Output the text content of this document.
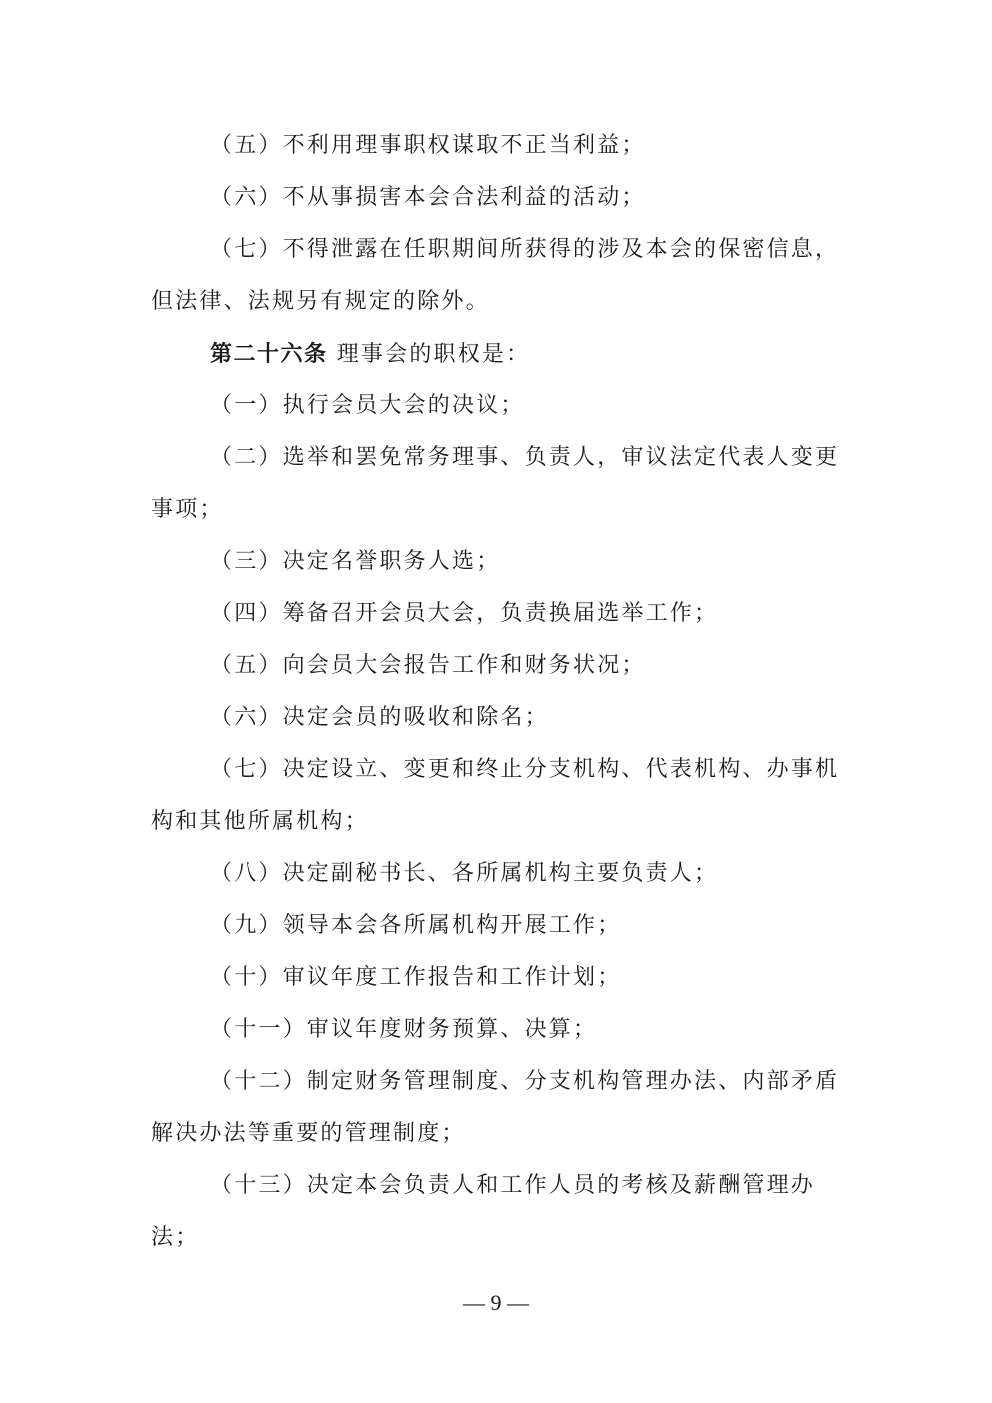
（五）不利用理事职权谋取不正当利益；
（六）不从事损害本会合法利益的活动；
（七）不得泄露在任职期间所获得的涉及本会的保密信息，
但法律、法规另有规定的除外。
第二十六条 理事会的职权是：
（一）执行会员大会的决议；
（二）选举和罢免常务理事、负责人，审议法定代表人变更
事项；
（三）决定名誉职务人选；
（四）筹备召开会员大会，负责换届选举工作；
（五）向会员大会报告工作和财务状况；
（六）决定会员的吸收和除名；
（七）决定设立、变更和终止分支机构、代表机构、办事机
构和其他所属机构；
（八）决定副秘书长、各所属机构主要负责人；
（九）领导本会各所属机构开展工作；
（十）审议年度工作报告和工作计划；
（十一）审议年度财务预算、决算；
（十二）制定财务管理制度、分支机构管理办法、内部矛盾
解决办法等重要的管理制度；
（十三）决定本会负责人和工作人员的考核及薪酬管理办
法；
— 9 —
